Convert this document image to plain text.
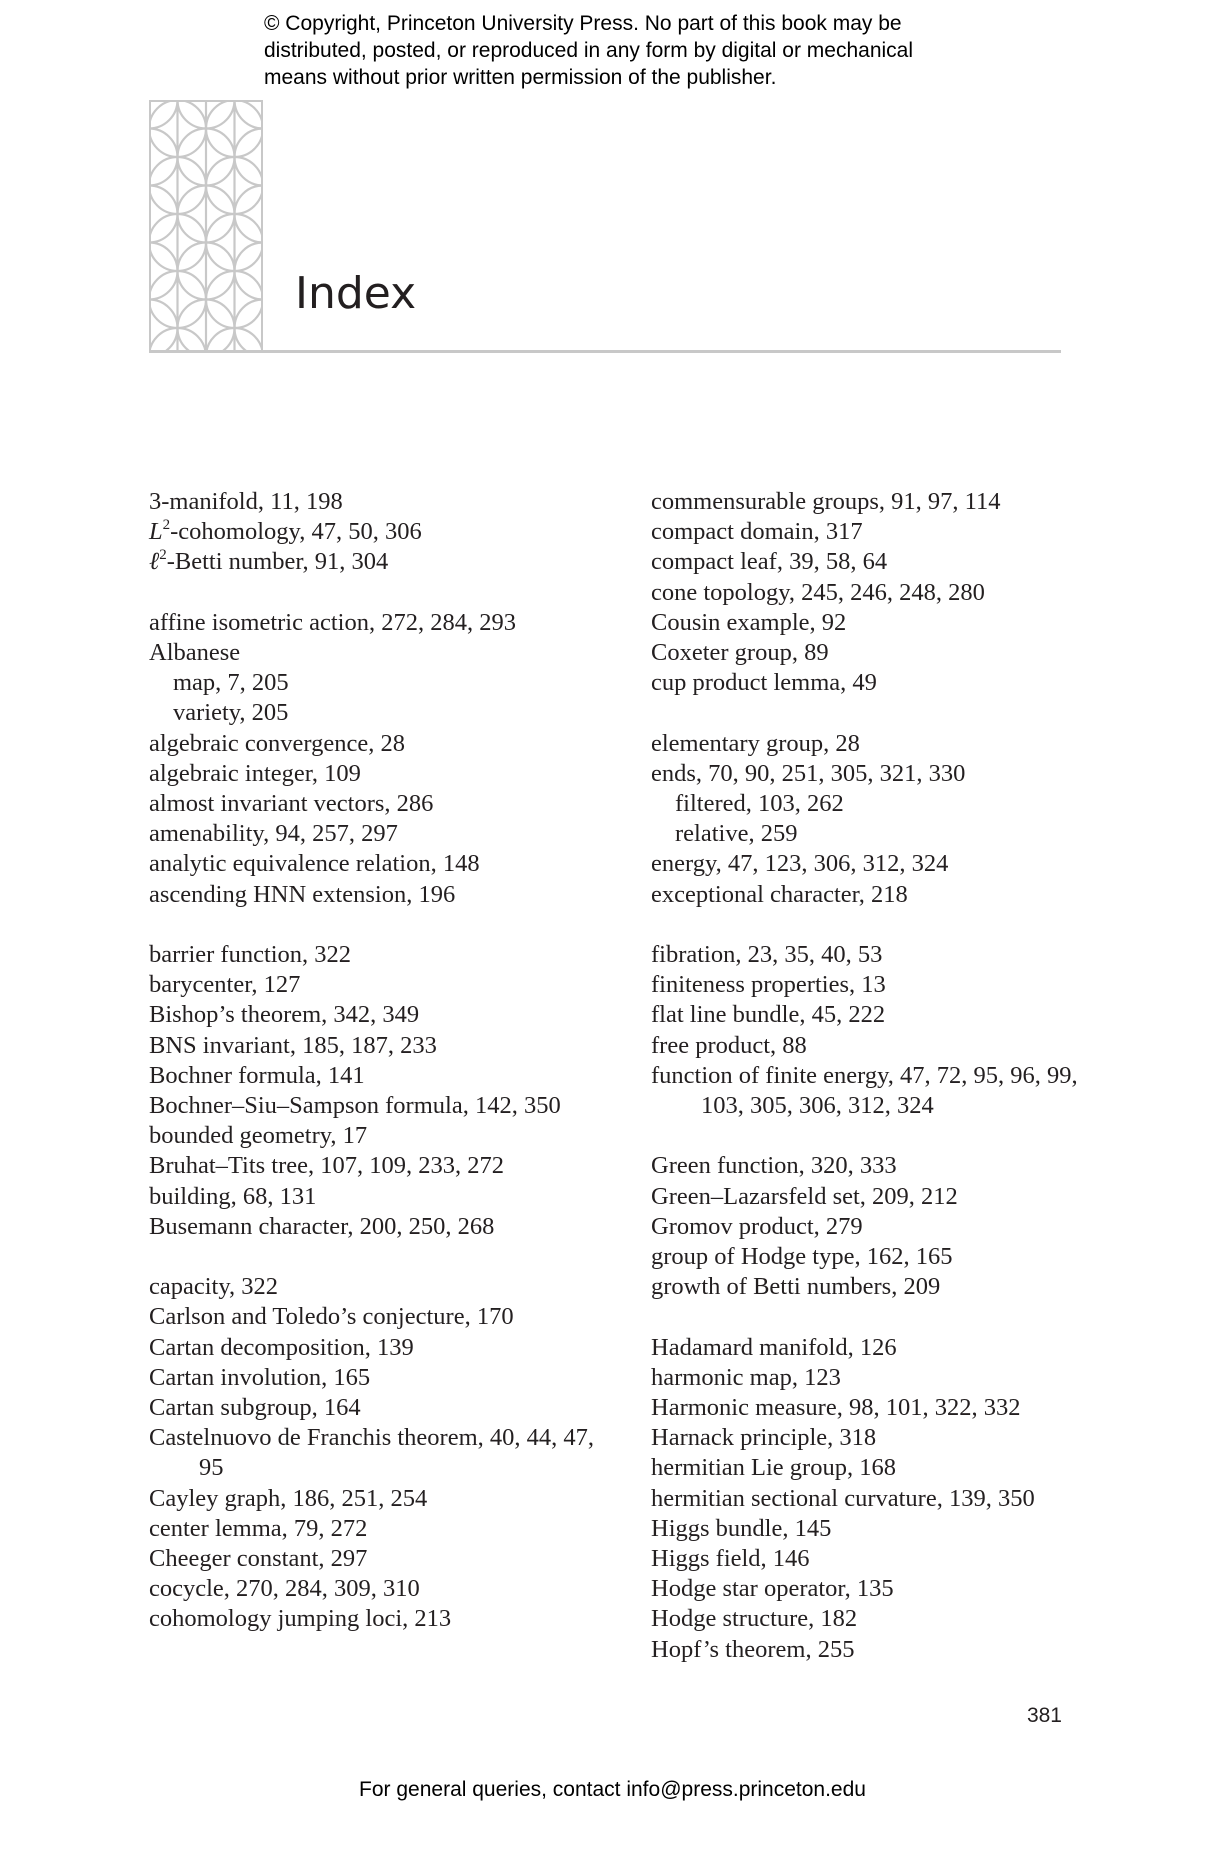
© Copyright, Princeton University Press. No part of this book may be
distributed, posted, or reproduced in any form by digital or mechanical
means without prior written permission of the publisher.
Index
3-manifold, 11, 198
$L^2$-cohomology, 47, 50, 306
ℓ$^2$-Betti number, 91, 304
affine isometric action, 272, 284, 293
Albanese
map, 7, 205
variety, 205
algebraic convergence, 28
algebraic integer, 109
almost invariant vectors, 286
amenability, 94, 257, 297
analytic equivalence relation, 148
ascending HNN extension, 196
barrier function, 322
barycenter, 127
Bishop’s theorem, 342, 349
BNS invariant, 185, 187, 233
Bochner formula, 141
Bochner–Siu–Sampson formula, 142, 350
bounded geometry, 17
Bruhat–Tits tree, 107, 109, 233, 272
building, 68, 131
Busemann character, 200, 250, 268
capacity, 322
Carlson and Toledo’s conjecture, 170
Cartan decomposition, 139
Cartan involution, 165
Cartan subgroup, 164
Castelnuovo de Franchis theorem, 40, 44, 47, 95
Cayley graph, 186, 251, 254
center lemma, 79, 272
Cheeger constant, 297
cocycle, 270, 284, 309, 310
cohomology jumping loci, 213
commensurable groups, 91, 97, 114
compact domain, 317
compact leaf, 39, 58, 64
cone topology, 245, 246, 248, 280
Cousin example, 92
Coxeter group, 89
cup product lemma, 49
elementary group, 28
ends, 70, 90, 251, 305, 321, 330
filtered, 103, 262
relative, 259
energy, 47, 123, 306, 312, 324
exceptional character, 218
fibration, 23, 35, 40, 53
finiteness properties, 13
flat line bundle, 45, 222
free product, 88
function of finite energy, 47, 72, 95, 96, 99, 103, 305, 306, 312, 324
Green function, 320, 333
Green–Lazarsfeld set, 209, 212
Gromov product, 279
group of Hodge type, 162, 165
growth of Betti numbers, 209
Hadamard manifold, 126
harmonic map, 123
Harmonic measure, 98, 101, 322, 332
Harnack principle, 318
hermitian Lie group, 168
hermitian sectional curvature, 139, 350
Higgs bundle, 145
Higgs field, 146
Hodge star operator, 135
Hodge structure, 182
Hopf’s theorem, 255
381
For general queries, contact info@press.princeton.edu
